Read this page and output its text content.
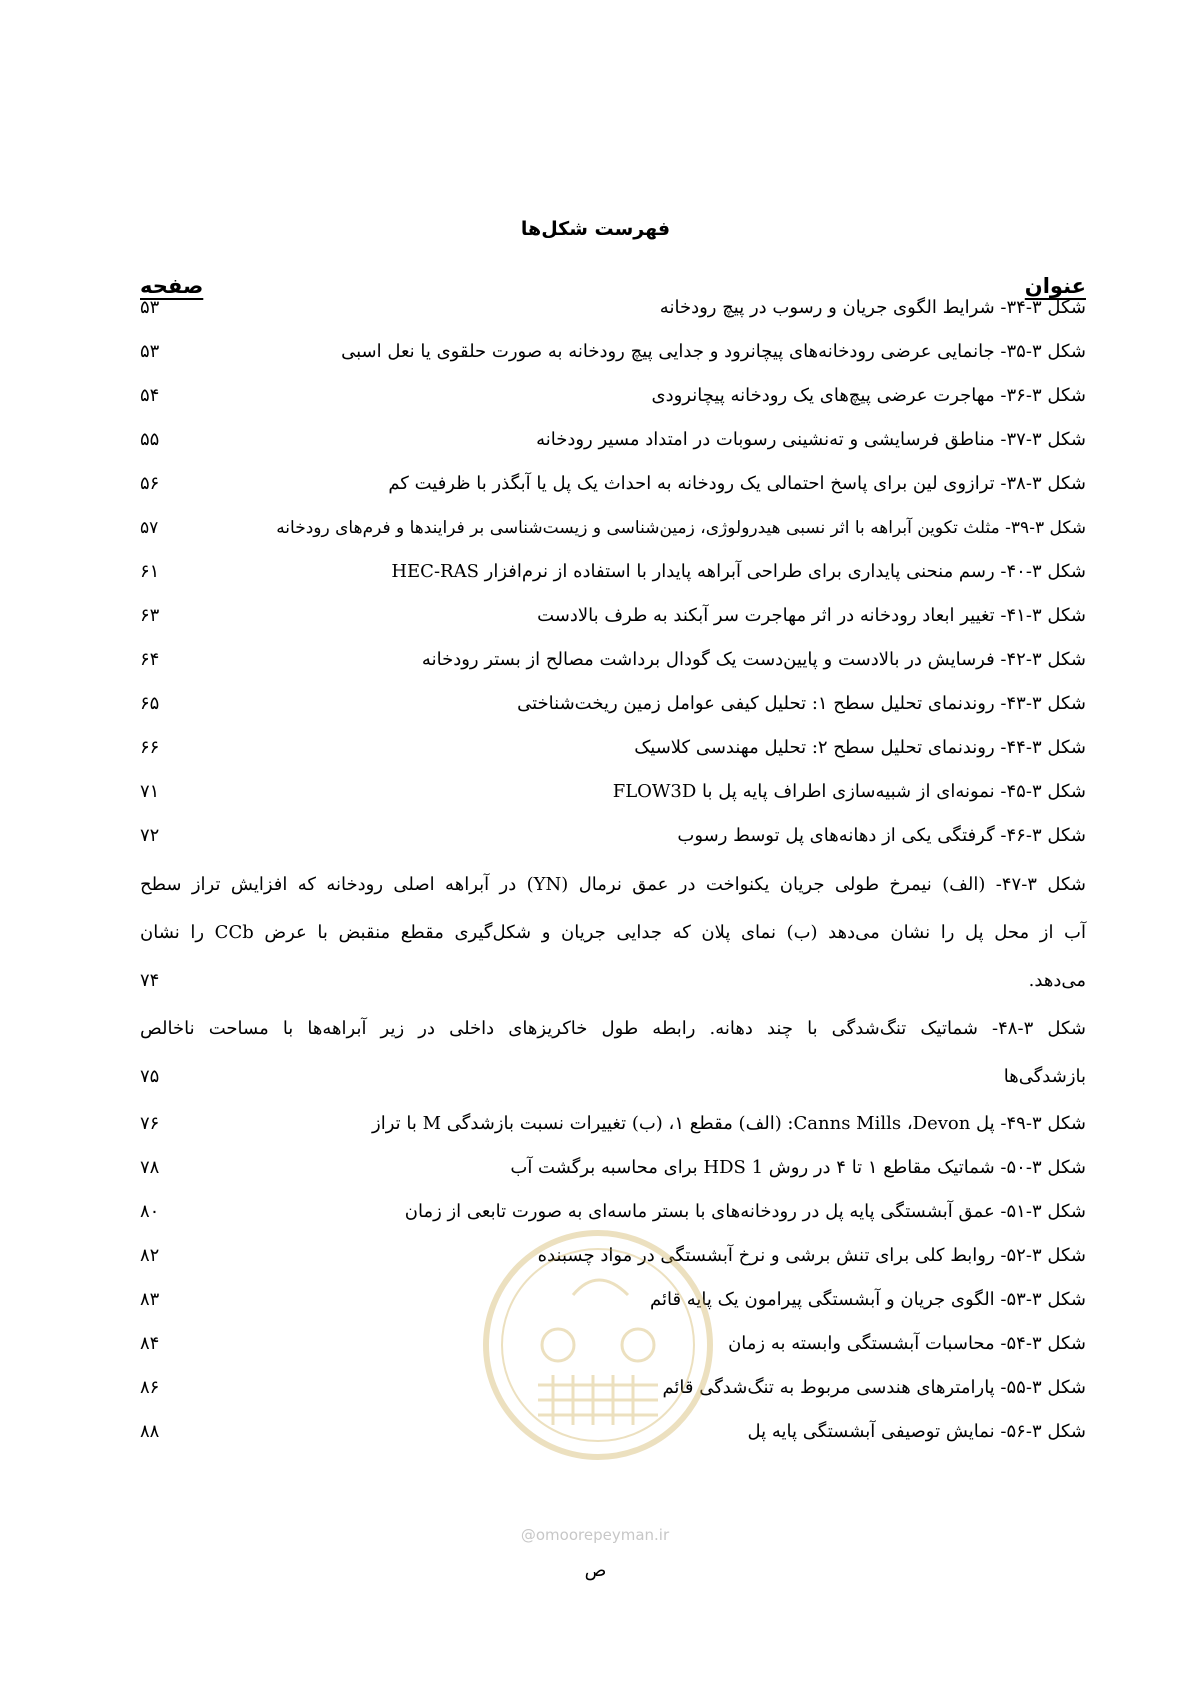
فهرست شکل‌ها
عنوان
صفحه
شکل ۳-۳۴- شرایط الگوی جریان و رسوب در پیچ رودخانه
۵۳
شکل ۳-۳۵- جانمایی عرضی رودخانه‌های پیچانرود و جدایی پیچ رودخانه به صورت حلقوی یا نعل اسبی
۵۳
شکل ۳-۳۶- مهاجرت عرضی پیچ‌های یک رودخانه پیچانرودی
۵۴
شکل ۳-۳۷- مناطق فرسایشی و ته‌نشینی رسوبات در امتداد مسیر رودخانه
۵۵
شکل ۳-۳۸- ترازوی لین برای پاسخ احتمالی یک رودخانه به احداث یک پل یا آبگذر با ظرفیت کم
۵۶
شکل ۳-۳۹- مثلث تکوین آبراهه با اثر نسبی هیدرولوژی، زمین‌شناسی و زیست‌شناسی بر فرایندها و فرم‌های رودخانه
۵۷
شکل ۳-۴۰- رسم منحنی پایداری برای طراحی آبراهه پایدار با استفاده از نرم‌افزار HEC-RAS
۶۱
شکل ۳-۴۱- تغییر ابعاد رودخانه در اثر مهاجرت سر آبکند به طرف بالادست
۶۳
شکل ۳-۴۲- فرسایش در بالادست و پایین‌دست یک گودال برداشت مصالح از بستر رودخانه
۶۴
شکل ۳-۴۳- روندنمای تحلیل سطح ۱: تحلیل کیفی عوامل زمین ریخت‌شناختی
۶۵
شکل ۳-۴۴- روندنمای تحلیل سطح ۲: تحلیل مهندسی کلاسیک
۶۶
شکل ۳-۴۵- نمونه‌ای از شبیه‌سازی اطراف پایه پل با FLOW3D
۷۱
شکل ۳-۴۶- گرفتگی یکی از دهانه‌های پل توسط رسوب
۷۲
شکل ۳-۴۷- (الف) نیمرخ طولی جریان یکنواخت در عمق نرمال (YN) در آبراهه اصلی رودخانه که افزایش تراز سطح
آب از محل پل را نشان می‌دهد (ب) نمای پلان که جدایی جریان و شکل‌گیری مقطع منقبض با عرض CCb را نشان
می‌دهد.
۷۴
شکل ۳-۴۸- شماتیک تنگ‌شدگی با چند دهانه. رابطه طول خاکریزهای داخلی در زیر آبراهه‌ها با مساحت ناخالص
بازشدگی‌ها
۷۵
شکل ۳-۴۹- پل Canns Mills ،Devon: (الف) مقطع ۱، (ب) تغییرات نسبت بازشدگی M با تراز
۷۶
شکل ۳-۵۰- شماتیک مقاطع ۱ تا ۴ در روش HDS 1 برای محاسبه برگشت آب
۷۸
شکل ۳-۵۱- عمق آبشستگی پایه پل در رودخانه‌های با بستر ماسه‌ای به صورت تابعی از زمان
۸۰
شکل ۳-۵۲- روابط کلی برای تنش برشی و نرخ آبشستگی در مواد چسبنده
۸۲
شکل ۳-۵۳- الگوی جریان و آبشستگی پیرامون یک پایه قائم
۸۳
شکل ۳-۵۴- محاسبات آبشستگی وابسته به زمان
۸۴
شکل ۳-۵۵- پارامترهای هندسی مربوط به تنگ‌شدگی قائم
۸۶
شکل ۳-۵۶- نمایش توصیفی آبشستگی پایه پل
۸۸
@omoorepeyman.ir
ص
